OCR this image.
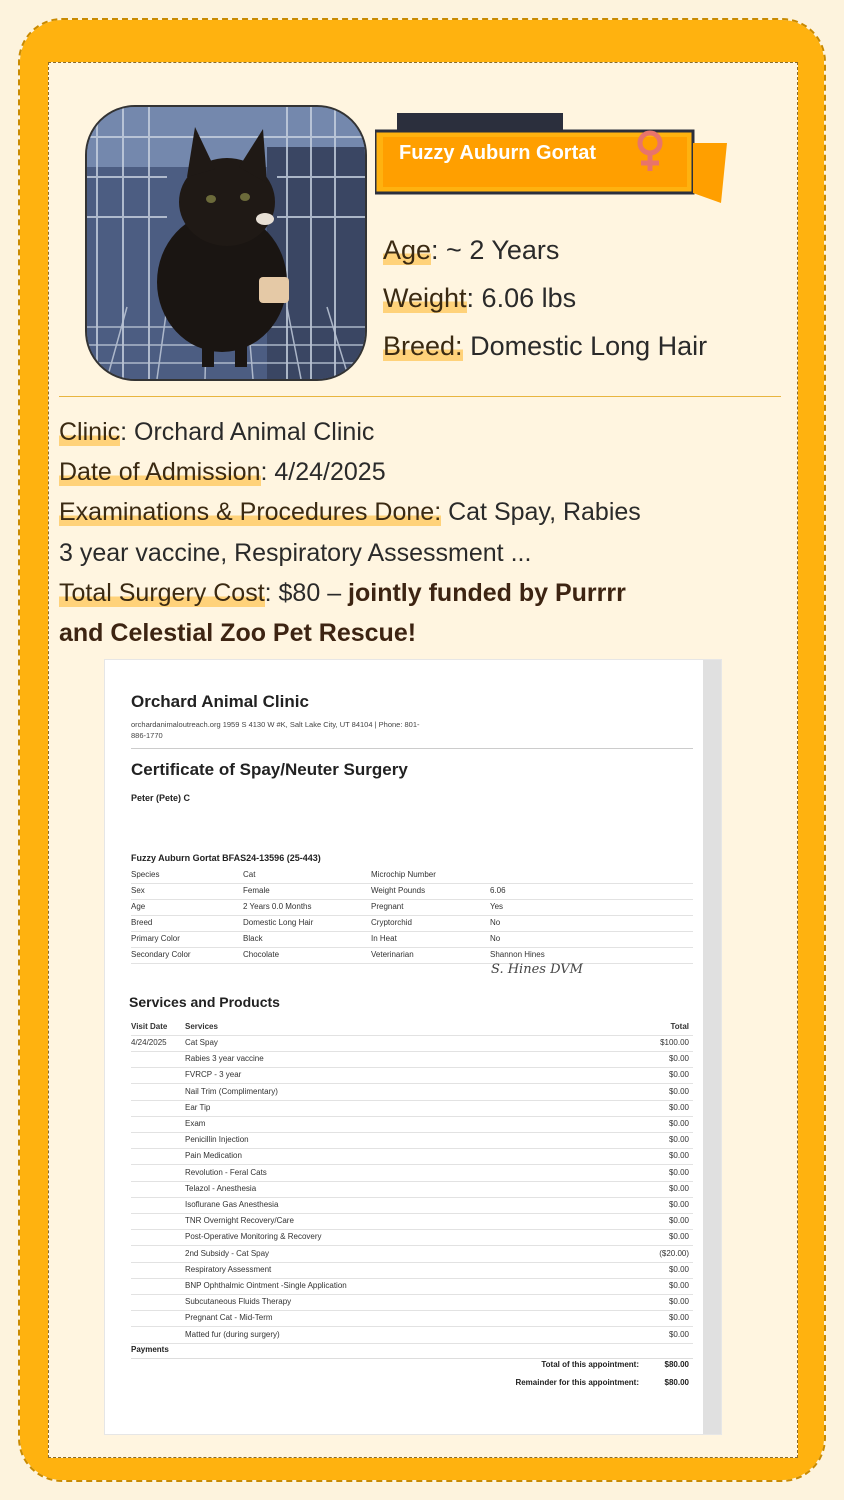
Fuzzy Auburn Gortat
Age: ~ 2 Years
Weight: 6.06 lbs
Breed: Domestic Long Hair
Clinic: Orchard Animal Clinic
Date of Admission: 4/24/2025
Examinations & Procedures Done: Cat Spay, Rabies
3 year vaccine, Respiratory Assessment ...
Total Surgery Cost: $80 – jointly funded by Purrrr
and Celestial Zoo Pet Rescue!
Orchard Animal Clinic
orchardanimaloutreach.org 1959 S 4130 W #K, Salt Lake City, UT 84104 | Phone: 801-
886-1770
Certificate of Spay/Neuter Surgery
Peter (Pete) C
Fuzzy Auburn Gortat BFAS24-13596 (25-443)
Species	Cat	Microchip Number
Sex	Female	Weight Pounds	6.06
Age	2 Years 0.0 Months	Pregnant	Yes
Breed	Domestic Long Hair	Cryptorchid	No
Primary Color	Black	In Heat	No
Secondary Color	Chocolate	Veterinarian	Shannon Hines
Services and Products
Visit Date Services	Total
4/24/2025 Cat Spay	$100.00
Rabies 3 year vaccine	$0.00
FVRCP - 3 year	$0.00
Nail Trim (Complimentary)	$0.00
Ear Tip	$0.00
Exam	$0.00
Penicillin Injection	$0.00
Pain Medication	$0.00
Revolution - Feral Cats	$0.00
Telazol - Anesthesia	$0.00
Isoflurane Gas Anesthesia	$0.00
TNR Overnight Recovery/Care	$0.00
Post-Operative Monitoring & Recovery	$0.00
2nd Subsidy - Cat Spay	($20.00)
Respiratory Assessment	$0.00
BNP Ophthalmic Ointment -Single Application	$0.00
Subcutaneous Fluids Therapy	$0.00
Pregnant Cat - Mid-Term	$0.00
Matted fur (during surgery)	$0.00
Payments
Total of this appointment:	$80.00
Remainder for this appointment:	$80.00
S. Hines DVM
